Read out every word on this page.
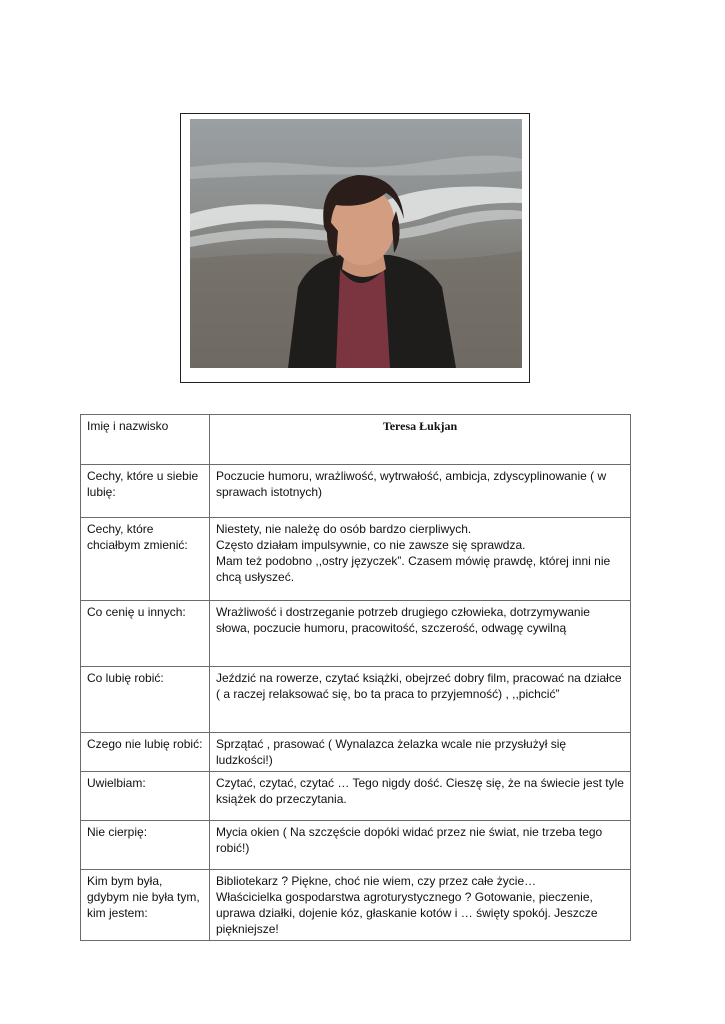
Imię i nazwisko	Teresa Łukjan
Cechy, które u siebie lubię:	Poczucie humoru, wrażliwość, wytrwałość, ambicja, zdyscyplinowanie ( w sprawach istotnych)

Cechy, które chciałbym zmienić:	Niestety, nie należę do osób bardzo cierpliwych.
Często działam impulsywnie, co nie zawsze się sprawdza.
Mam też podobno ,,ostry języczek”. Czasem mówię prawdę, której inni nie chcą usłyszeć.

Co cenię u innych:	Wrażliwość i dostrzeganie potrzeb drugiego człowieka, dotrzymywanie słowa, poczucie humoru, pracowitość, szczerość, odwagę cywilną

Co lubię robić:	Jeździć na rowerze, czytać książki, obejrzeć dobry film, pracować na działce ( a raczej relaksować się, bo ta praca to przyjemność) , ,,pichcić”

Czego nie lubię robić:	Sprzątać , prasować ( Wynalazca żelazka wcale nie przysłużył się ludzkości!)

Uwielbiam:	Czytać, czytać, czytać … Tego nigdy dość. Cieszę się, że na świecie jest tyle książek do przeczytania.

Nie cierpię:	Mycia okien ( Na szczęście dopóki widać przez nie świat, nie trzeba tego robić!)

Kim bym była, gdybym nie była tym, kim jestem:	Bibliotekarz ? Piękne, choć nie wiem, czy przez całe życie…
Właścicielka gospodarstwa agroturystycznego ? Gotowanie, pieczenie, uprawa działki, dojenie kóz, głaskanie kotów i … święty spokój. Jeszcze piękniejsze!
